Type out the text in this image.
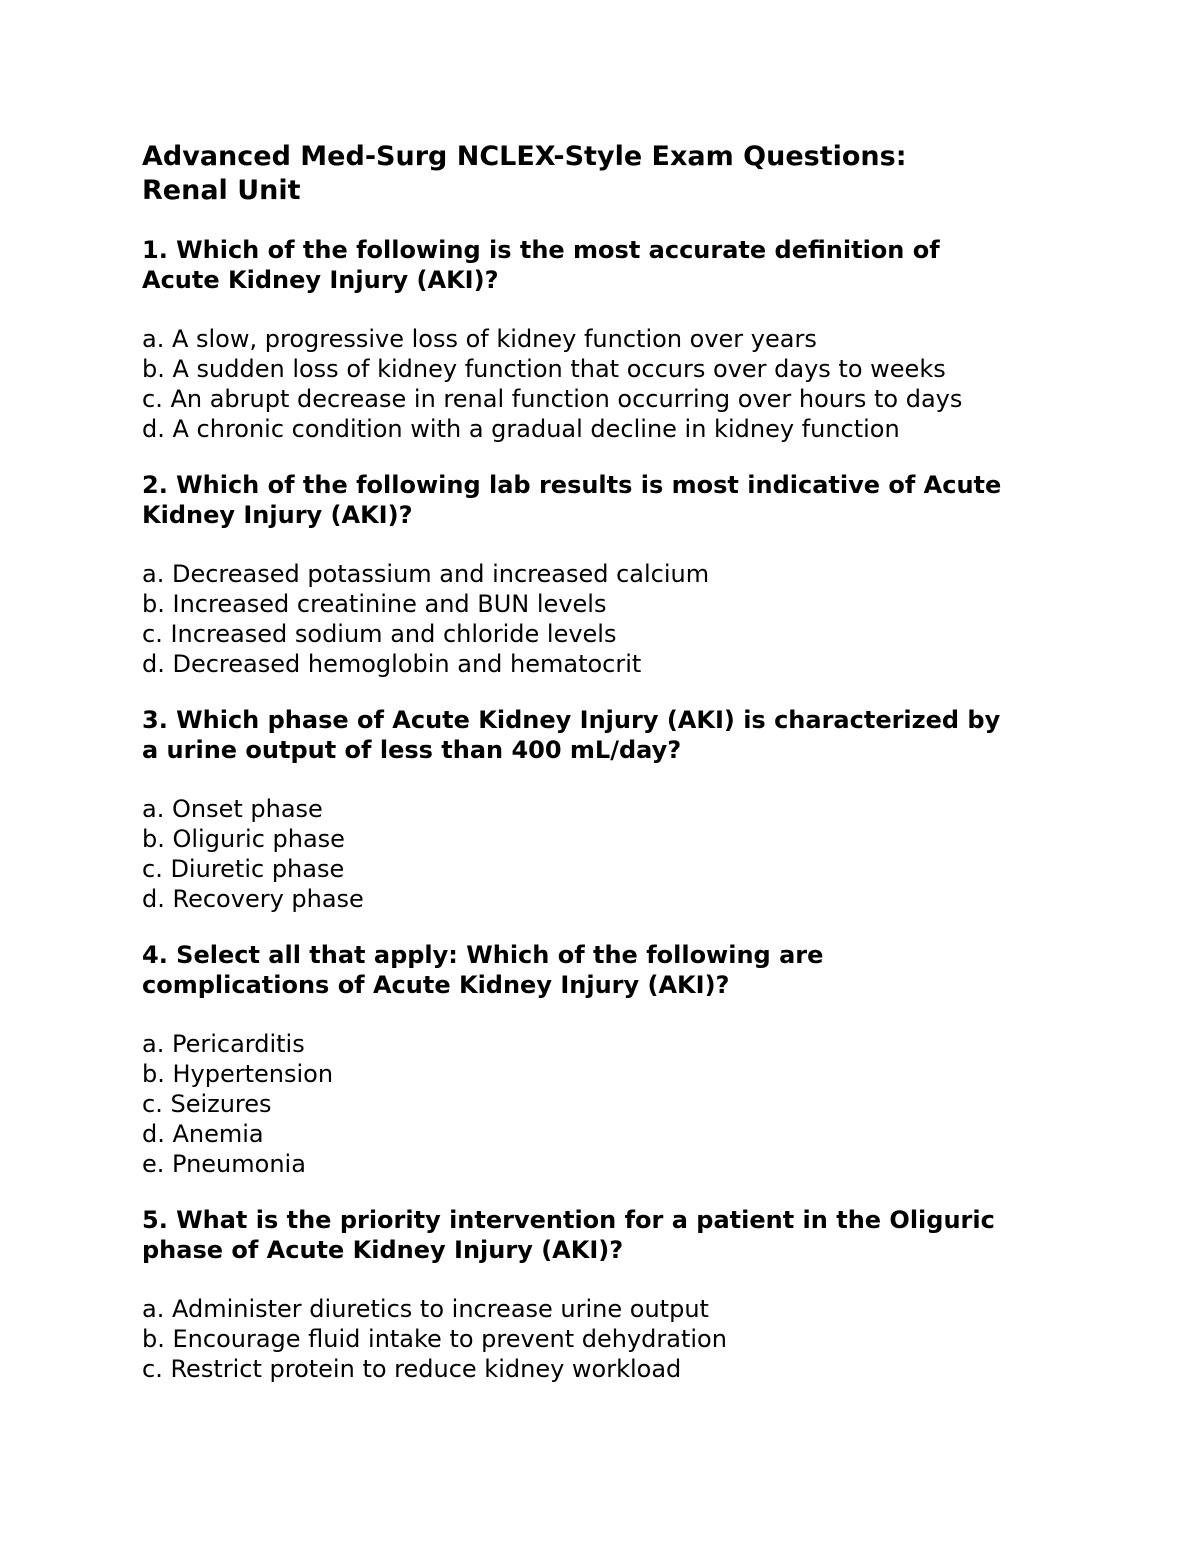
Advanced Med-Surg NCLEX-Style Exam Questions:
Renal Unit
1. Which of the following is the most accurate definition of
Acute Kidney Injury (AKI)?

a. A slow, progressive loss of kidney function over years

b. A sudden loss of kidney function that occurs over days to weeks

c. An abrupt decrease in renal function occurring over hours to days

d. A chronic condition with a gradual decline in kidney function

2. Which of the following lab results is most indicative of Acute
Kidney Injury (AKI)?

a. Decreased potassium and increased calcium

b. Increased creatinine and BUN levels

c. Increased sodium and chloride levels

d. Decreased hemoglobin and hematocrit

3. Which phase of Acute Kidney Injury (AKI) is characterized by
a urine output of less than 400 mL/day?

a. Onset phase

b. Oliguric phase

c. Diuretic phase

d. Recovery phase

4. Select all that apply: Which of the following are
complications of Acute Kidney Injury (AKI)?

a. Pericarditis

b. Hypertension

c. Seizures

d. Anemia

e. Pneumonia

5. What is the priority intervention for a patient in the Oliguric
phase of Acute Kidney Injury (AKI)?

a. Administer diuretics to increase urine output

b. Encourage fluid intake to prevent dehydration

c. Restrict protein to reduce kidney workload
